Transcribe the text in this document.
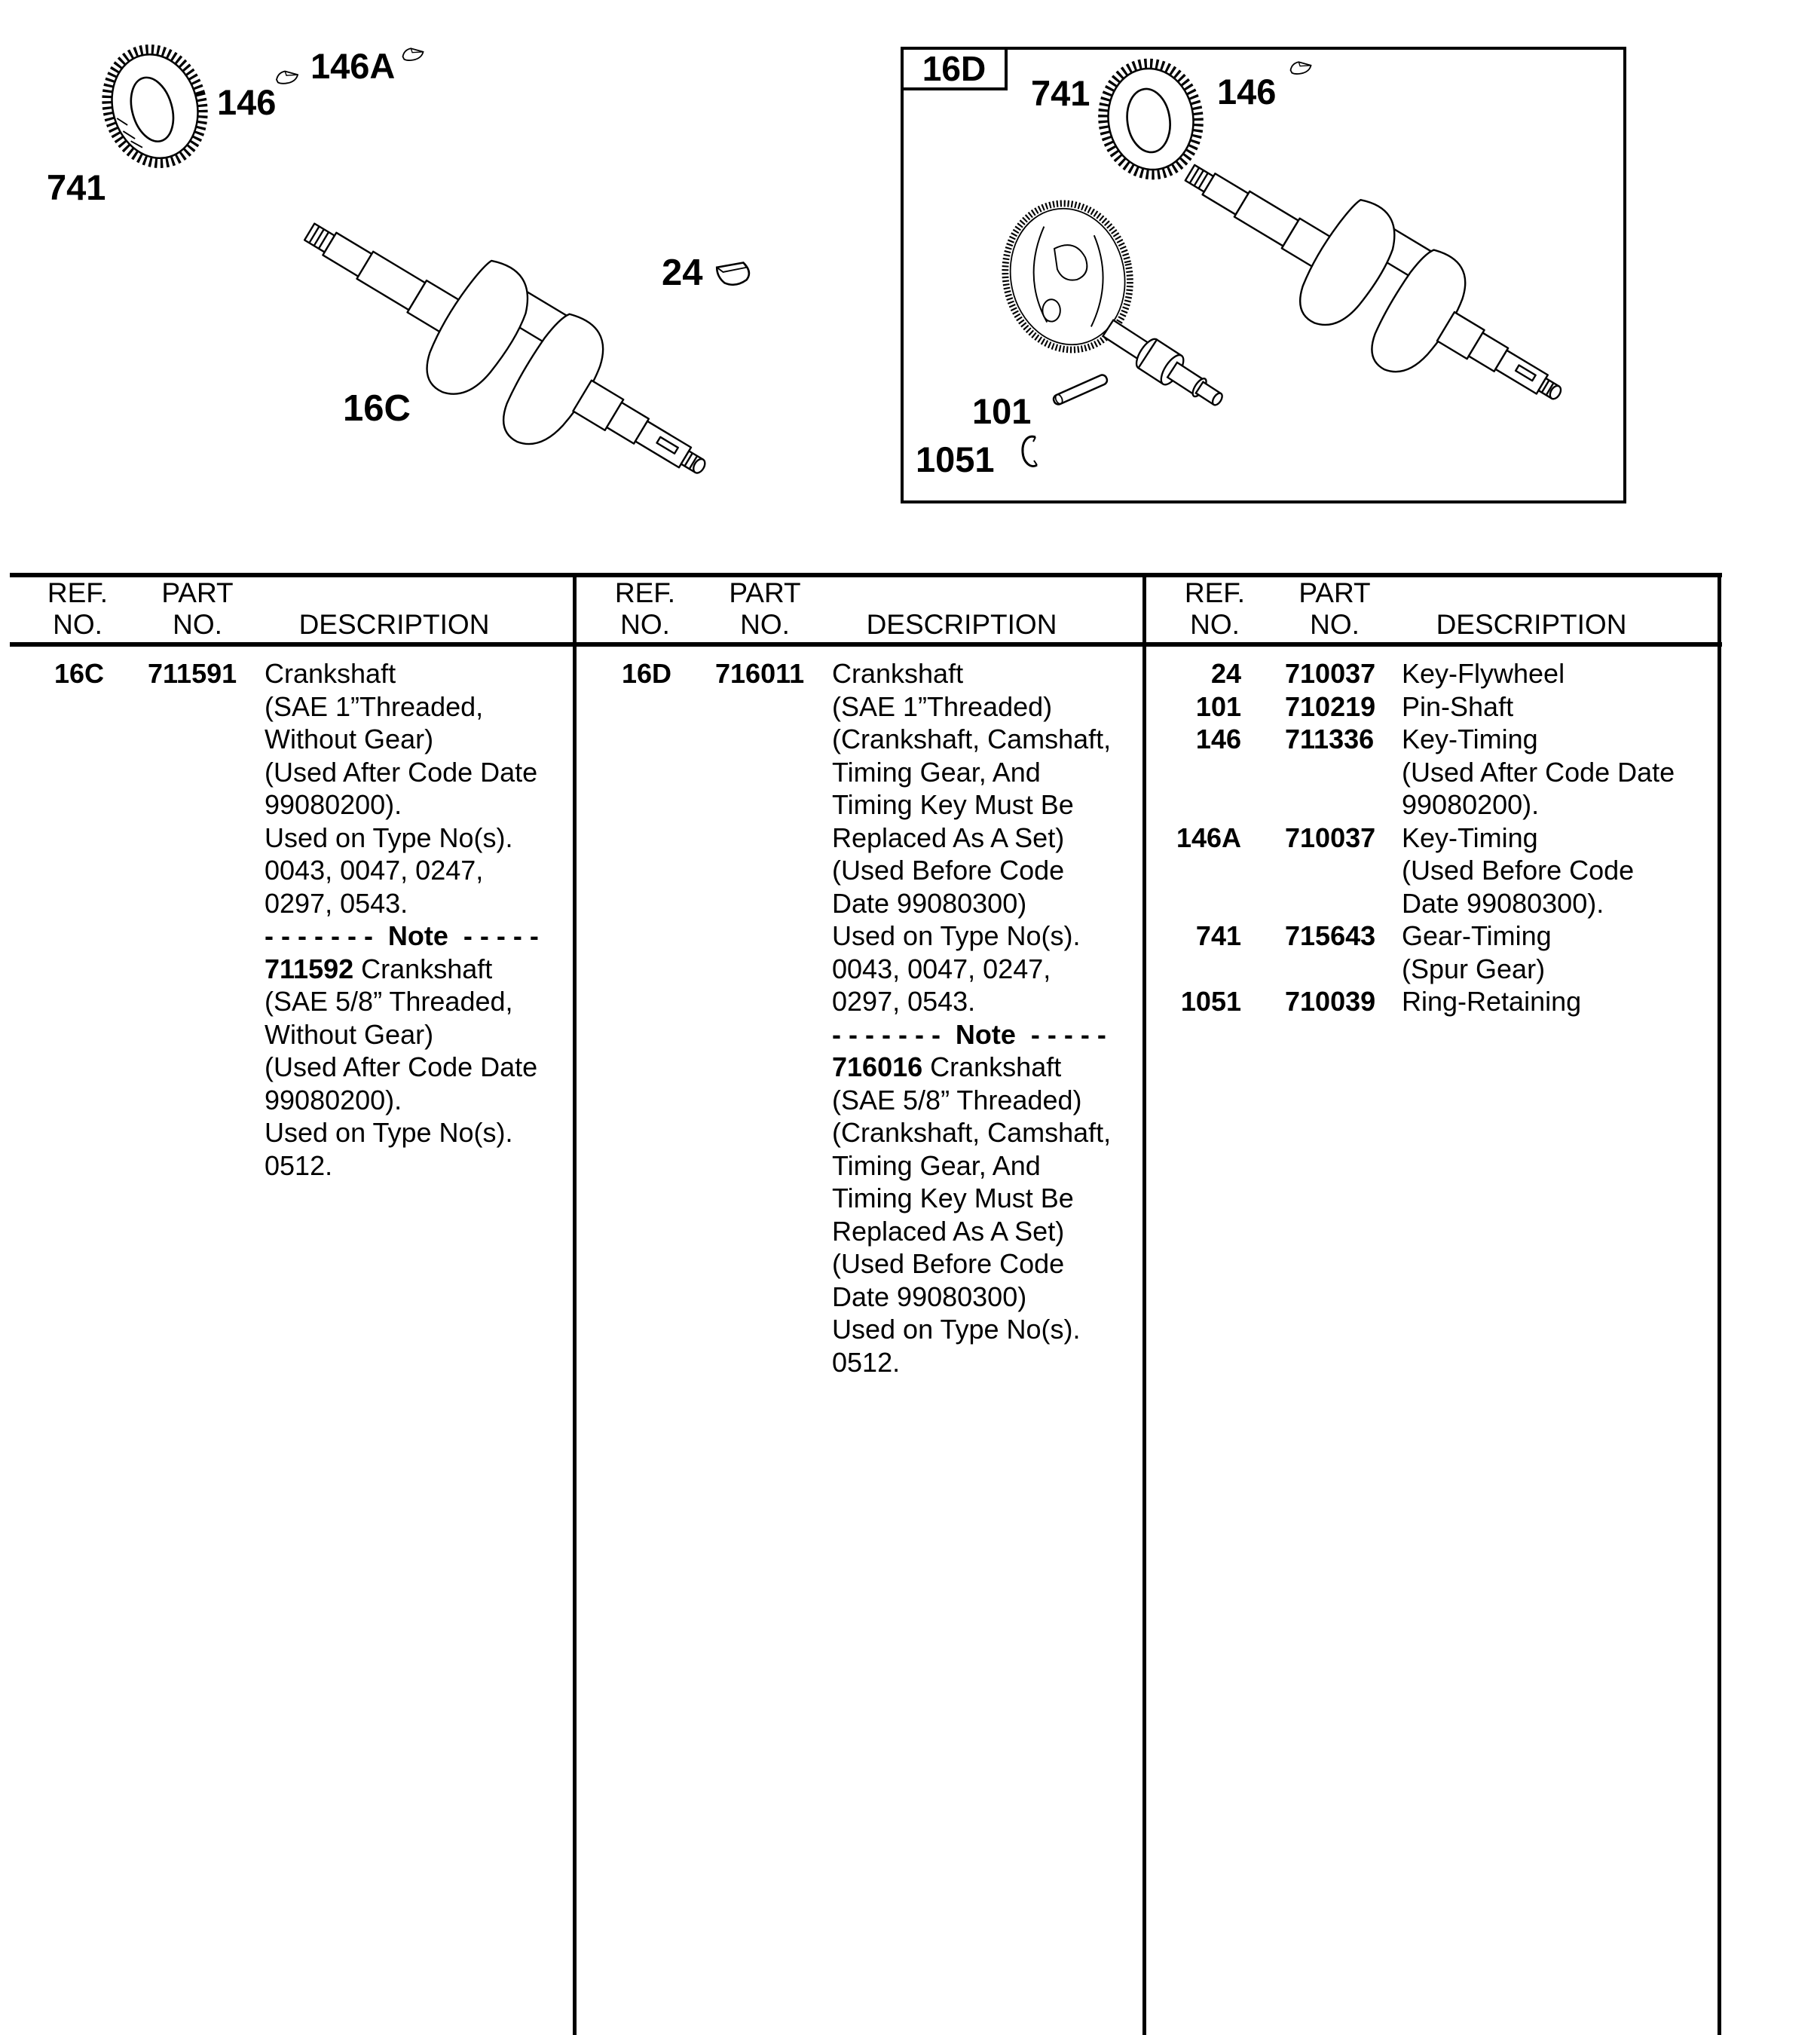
741
146
146A
16C
24
16D
741	146
101
1051
REF.
NO.
PART
NO.	DESCRIPTION
REF.
NO.
PART
NO.	DESCRIPTION
REF.
NO.
PART
NO.	DESCRIPTION
16C 711591 Crankshaft
(SAE 1”Threaded,
Without Gear)
(Used After Code Date
99080200).
Used on Type No(s).
0043, 0047, 0247,
0297, 0543.
- - - - - - -  Note  - - - - -
711592 Crankshaft
(SAE 5/8” Threaded,
Without Gear)
(Used After Code Date
99080200).
Used on Type No(s).
0512.
16D 716011 Crankshaft
(SAE 1”Threaded)
(Crankshaft, Camshaft,
Timing Gear, And
Timing Key Must Be
Replaced As A Set)
(Used Before Code
Date 99080300)
Used on Type No(s).
0043, 0047, 0247,
0297, 0543.
- - - - - - -  Note  - - - - -
716016 Crankshaft
(SAE 5/8” Threaded)
(Crankshaft, Camshaft,
Timing Gear, And
Timing Key Must Be
Replaced As A Set)
(Used Before Code
Date 99080300)
Used on Type No(s).
0512.
24 710037 Key-Flywheel
101 710219 Pin-Shaft
146 711336 Key-Timing
(Used After Code Date
99080200).
146A 710037 Key-Timing
(Used Before Code
Date 99080300).
741 715643 Gear-Timing
(Spur Gear)
1051 710039 Ring-Retaining
